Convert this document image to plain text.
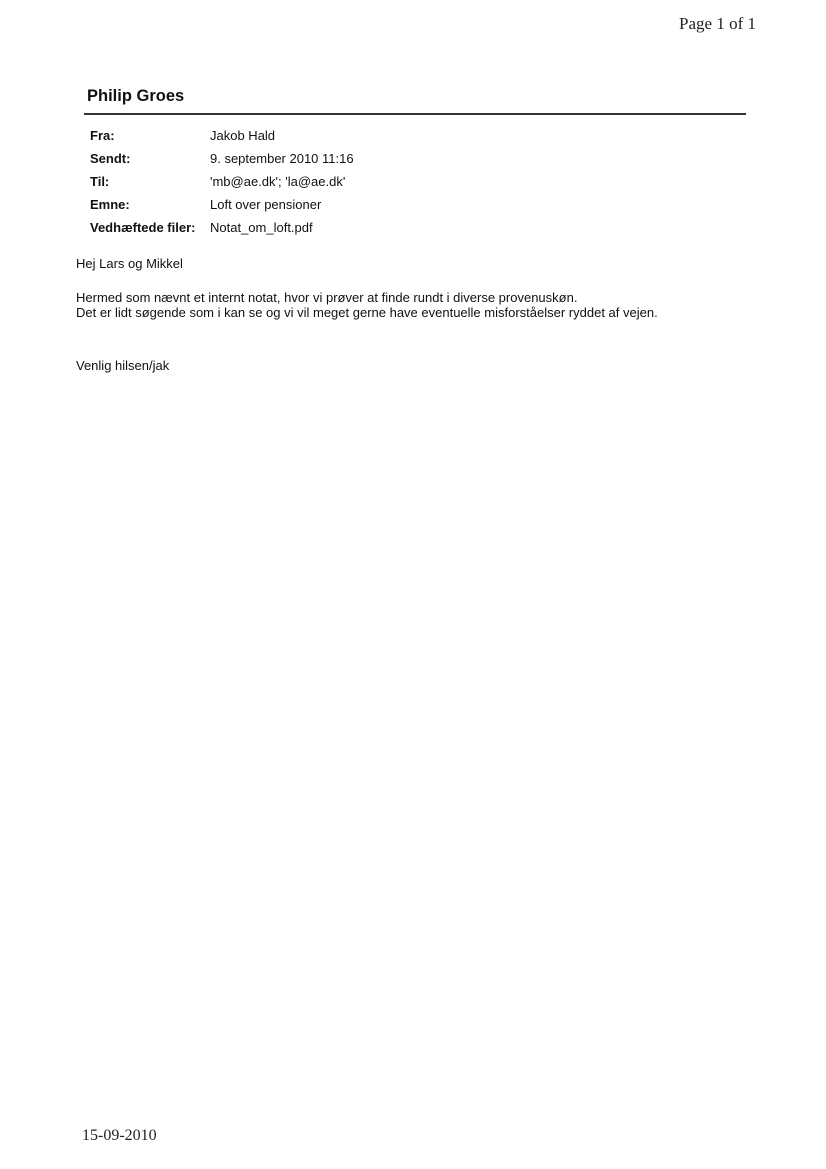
Page 1 of 1
Philip Groes
Fra:	Jakob Hald
Sendt:	9. september 2010 11:16
Til:	'mb@ae.dk'; 'la@ae.dk'
Emne:	Loft over pensioner
Vedhæftede filer:	Notat_om_loft.pdf
Hej Lars og Mikkel
Hermed som nævnt et internt notat, hvor vi prøver at finde rundt i diverse provenuskøn.
Det er lidt søgende som i kan se og vi vil meget gerne have eventuelle misforståelser ryddet af vejen.
Venlig hilsen/jak
15-09-2010
